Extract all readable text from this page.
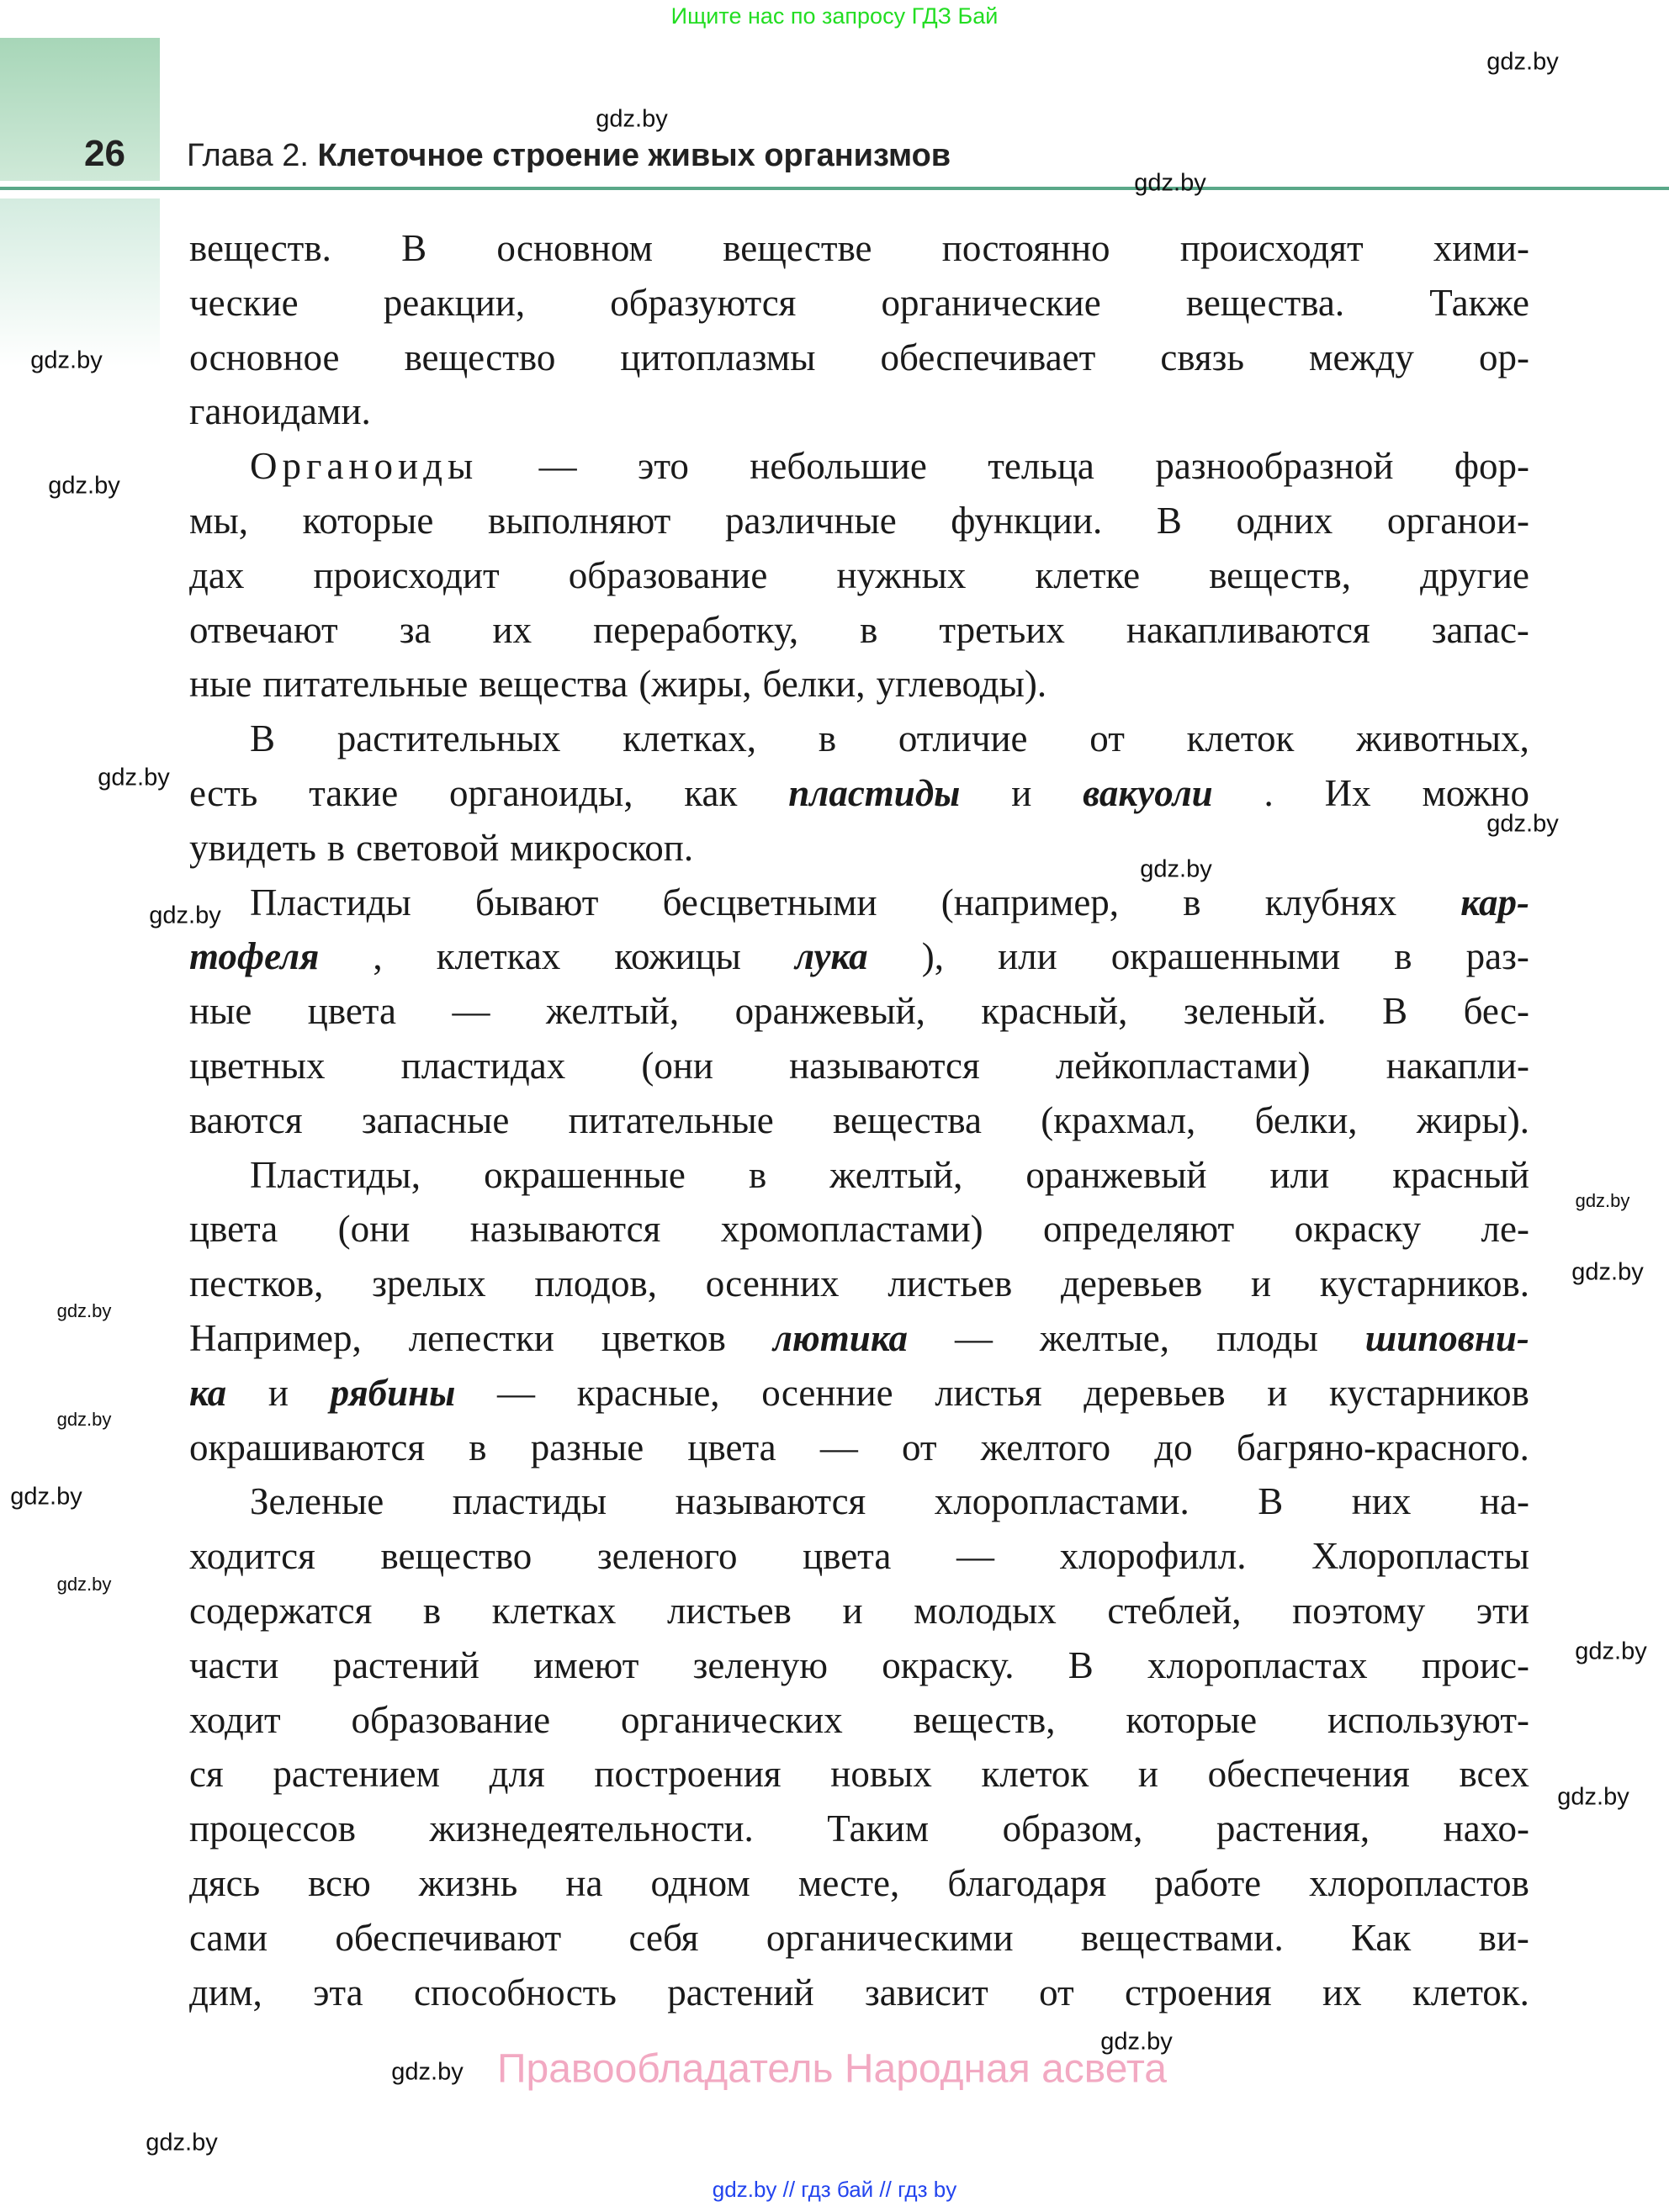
Ищите нас по запросу ГДЗ Бай
26 Глава 2. Клеточное строение живых организмов
веществ. В основном веществе постоянно происходят хими-
ческие реакции, образуются органические вещества. Также
основное вещество цитоплазмы обеспечивает связь между ор-
ганоидами.
Органоиды — это небольшие тельца разнообразной фор-
мы, которые выполняют различные функции. В одних органои-
дах происходит образование нужных клетке веществ, другие
отвечают за их переработку, в третьих накапливаются запас-
ные питательные вещества (жиры, белки, углеводы).
В растительных клетках, в отличие от клеток животных,
есть такие органоиды, как пластиды и вакуоли . Их можно
увидеть в световой микроскоп.
Пластиды бывают бесцветными (например, в клубнях кар-
тофеля , клетках кожицы лука ), или окрашенными в раз-
ные цвета — желтый, оранжевый, красный, зеленый. В бес-
цветных пластидах (они называются лейкопластами) накапли-
ваются запасные питательные вещества (крахмал, белки, жиры).
Пластиды, окрашенные в желтый, оранжевый или красный
цвета (они называются хромопластами) определяют окраску ле-
пестков, зрелых плодов, осенних листьев деревьев и кустарников.
Например, лепестки цветков лютика — желтые, плоды шиповни-
ка и рябины — красные, осенние листья деревьев и кустарников
окрашиваются в разные цвета — от желтого до багряно-красного.
Зеленые пластиды называются хлоропластами. В них на-
ходится вещество зеленого цвета — хлорофилл. Хлоропласты
содержатся в клетках листьев и молодых стеблей, поэтому эти
части растений имеют зеленую окраску. В хлоропластах проис-
ходит образование органических веществ, которые используют-
ся растением для построения новых клеток и обеспечения всех
процессов жизнедеятельности. Таким образом, растения, нахо-
дясь всю жизнь на одном месте, благодаря работе хлоропластов
сами обеспечивают себя органическими веществами. Как ви-
дим, эта способность растений зависит от строения их клеток.
gdz.by
gdz.by
gdz.by
gdz.by
gdz.by
gdz.by
gdz.by
gdz.by
gdz.by
gdz.by
gdz.by
gdz.by
gdz.by
gdz.by
gdz.by
gdz.by
gdz.by
gdz.by
gdz.by
gdz.by
Правообладатель Народная асвета
gdz.by // гдз бай // гдз by
